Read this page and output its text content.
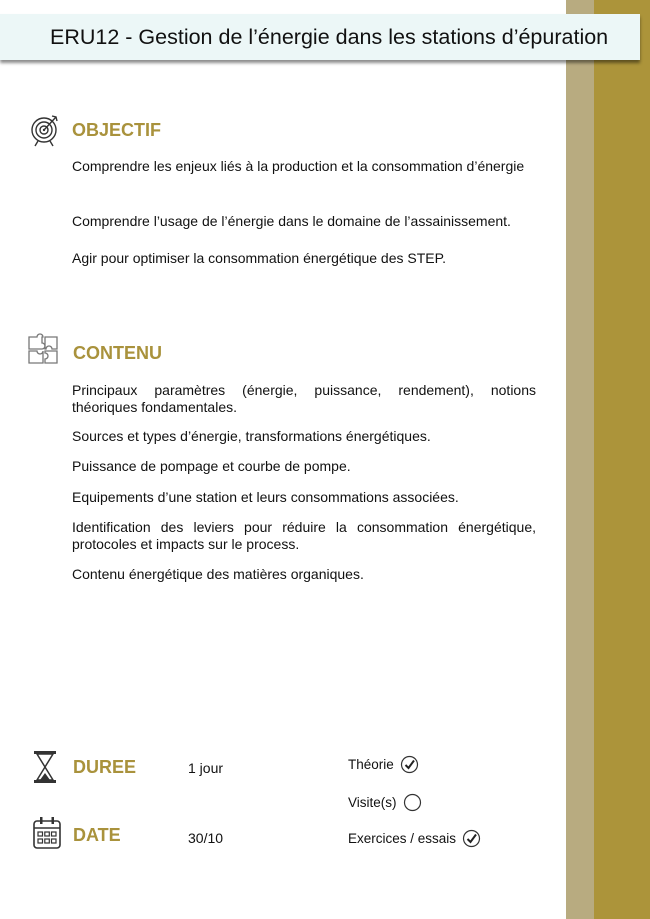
ERU12 - Gestion de l’énergie dans les stations d’épuration
OBJECTIF
Comprendre les enjeux liés à la production et la consommation d’énergie
Comprendre l’usage de l’énergie dans le domaine de l’assainissement.
Agir pour optimiser la consommation énergétique des STEP.
CONTENU
Principaux paramètres (énergie, puissance, rendement), notions théoriques fondamentales.
Sources et types d’énergie, transformations énergétiques.
Puissance de pompage et courbe de pompe.
Equipements d’une station et leurs consommations associées.
Identification des leviers pour réduire la consommation énergétique, protocoles et impacts sur le process.
Contenu énergétique des matières organiques.
DUREE	1 jour
DATE	30/10
Théorie
Visite(s)
Exercices / essais
